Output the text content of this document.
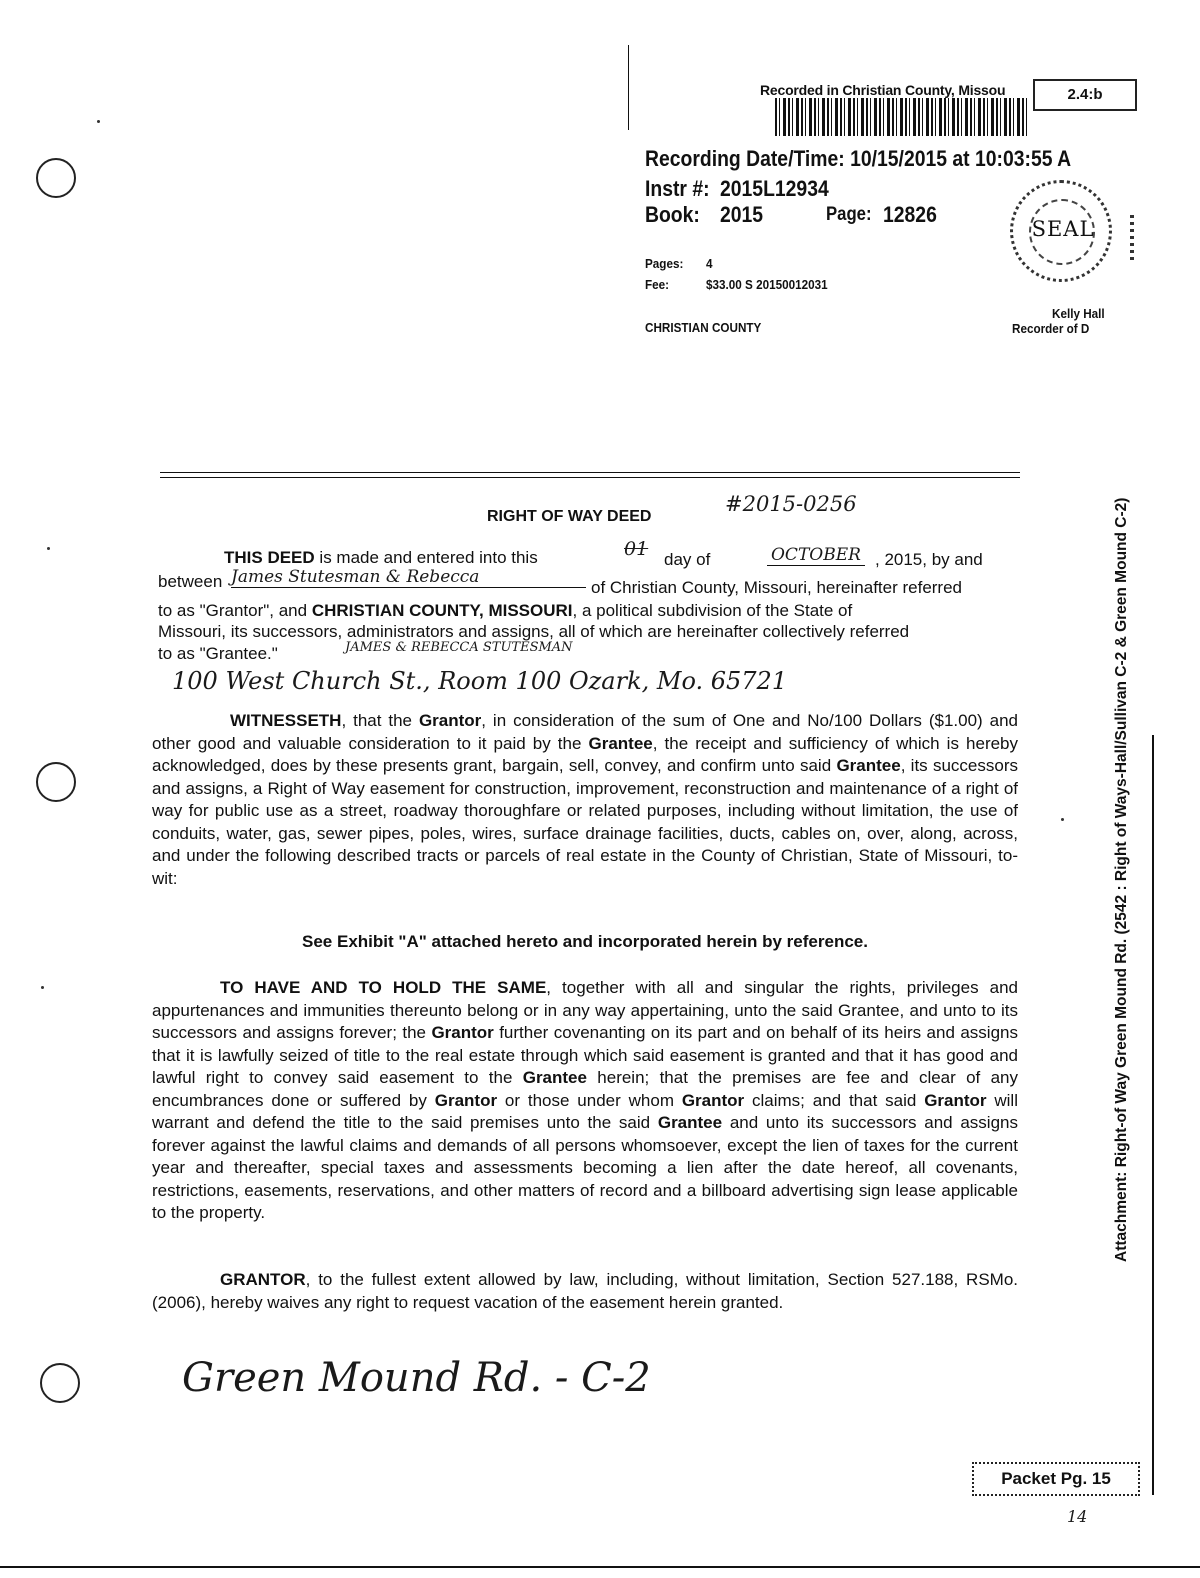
Recorded in Christian County, Missou	2.4:b
Recording Date/Time: 10/15/2015 at 10:03:55 A
Instr #: 2015L12934
Book: 2015	Page: 12826
Pages: 4
Fee:	$33.00 S 20150012031
CHRISTIAN COUNTY
SEAL
Kelly Hall
Recorder of D
RIGHT OF WAY DEED
#2015-0256
THIS DEED is made and entered into this	01 day of	OCTOBER , 2015, by and
between James Stutesman & Rebecca
of Christian County, Missouri, hereinafter referred
to as "Grantor", and CHRISTIAN COUNTY, MISSOURI, a political subdivision of the State of
Missouri, its successors, administrators and assigns, all of which are hereinafter collectively referred
to as "Grantee."	JAMES & REBECCA STUTESMAN
100 West Church St., Room 100 Ozark, Mo. 65721

WITNESSETH, that the Grantor, in consideration of the sum of One and No/100 Dollars ($1.00) and other good and valuable consideration to it paid by the Grantee, the receipt and sufficiency of which is hereby acknowledged, does by these presents grant, bargain, sell, convey, and confirm unto said Grantee, its successors and assigns, a Right of Way easement for construction, improvement, reconstruction and maintenance of a right of way for public use as a street, roadway thoroughfare or related purposes, including without limitation, the use of conduits, water, gas, sewer pipes, poles, wires, surface drainage facilities, ducts, cables on, over, along, across, and under the following described tracts or parcels of real estate in the County of Christian, State of Missouri, to-wit:

See Exhibit "A" attached hereto and incorporated herein by reference.

TO HAVE AND TO HOLD THE SAME, together with all and singular the rights, privileges and appurtenances and immunities thereunto belong or in any way appertaining, unto the said Grantee, and unto to its successors and assigns forever; the Grantor further covenanting on its part and on behalf of its heirs and assigns that it is lawfully seized of title to the real estate through which said easement is granted and that it has good and lawful right to convey said easement to the Grantee herein; that the premises are fee and clear of any encumbrances done or suffered by Grantor or those under whom Grantor claims; and that said Grantor will warrant and defend the title to the said premises unto the said Grantee and unto its successors and assigns forever against the lawful claims and demands of all persons whomsoever, except the lien of taxes for the current year and thereafter, special taxes and assessments becoming a lien after the date hereof, all covenants, restrictions, easements, reservations, and other matters of record and a billboard advertising sign lease applicable to the property.

GRANTOR, to the fullest extent allowed by law, including, without limitation, Section 527.188, RSMo. (2006), hereby waives any right to request vacation of the easement herein granted.

Green Mound Rd. - C-2
Attachment: Right-of Way Green Mound Rd. (2542 : Right of Ways-Hall/Sullivan C-2 & Green Mound C-2)
Packet Pg. 15
14
